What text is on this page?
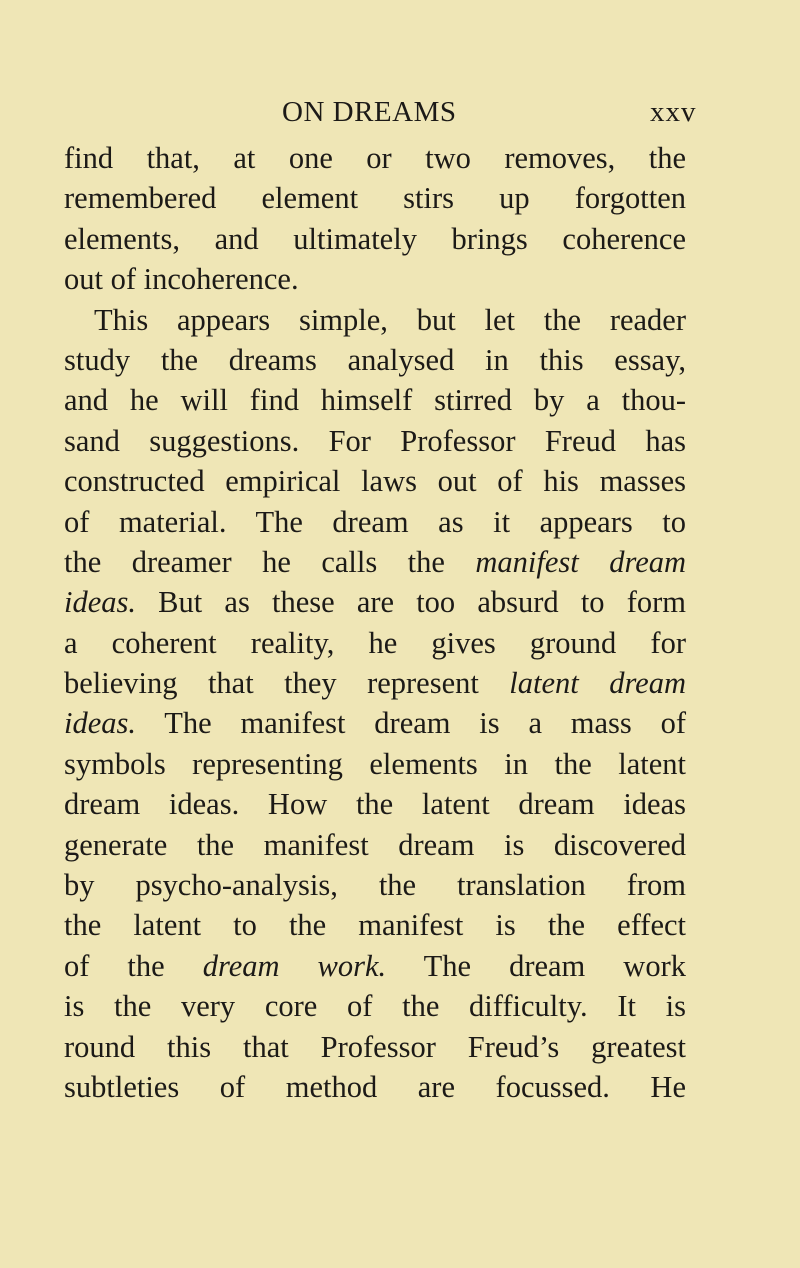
ON DREAMS	xxv
find that, at one or two removes, the
remembered element stirs up forgotten
elements, and ultimately brings coherence
out of incoherence.
This appears simple, but let the reader
study the dreams analysed in this essay,
and he will find himself stirred by a thou-
sand suggestions. For Professor Freud has
constructed empirical laws out of his masses
of material. The dream as it appears to
the dreamer he calls the manifest dream
ideas. But as these are too absurd to form
a coherent reality, he gives ground for
believing that they represent latent dream
ideas. The manifest dream is a mass of
symbols representing elements in the latent
dream ideas. How the latent dream ideas
generate the manifest dream is discovered
by psycho-analysis, the translation from
the latent to the manifest is the effect
of the dream work. The dream work
is the very core of the difficulty. It is
round this that Professor Freud’s greatest
subtleties of method are focussed. He
